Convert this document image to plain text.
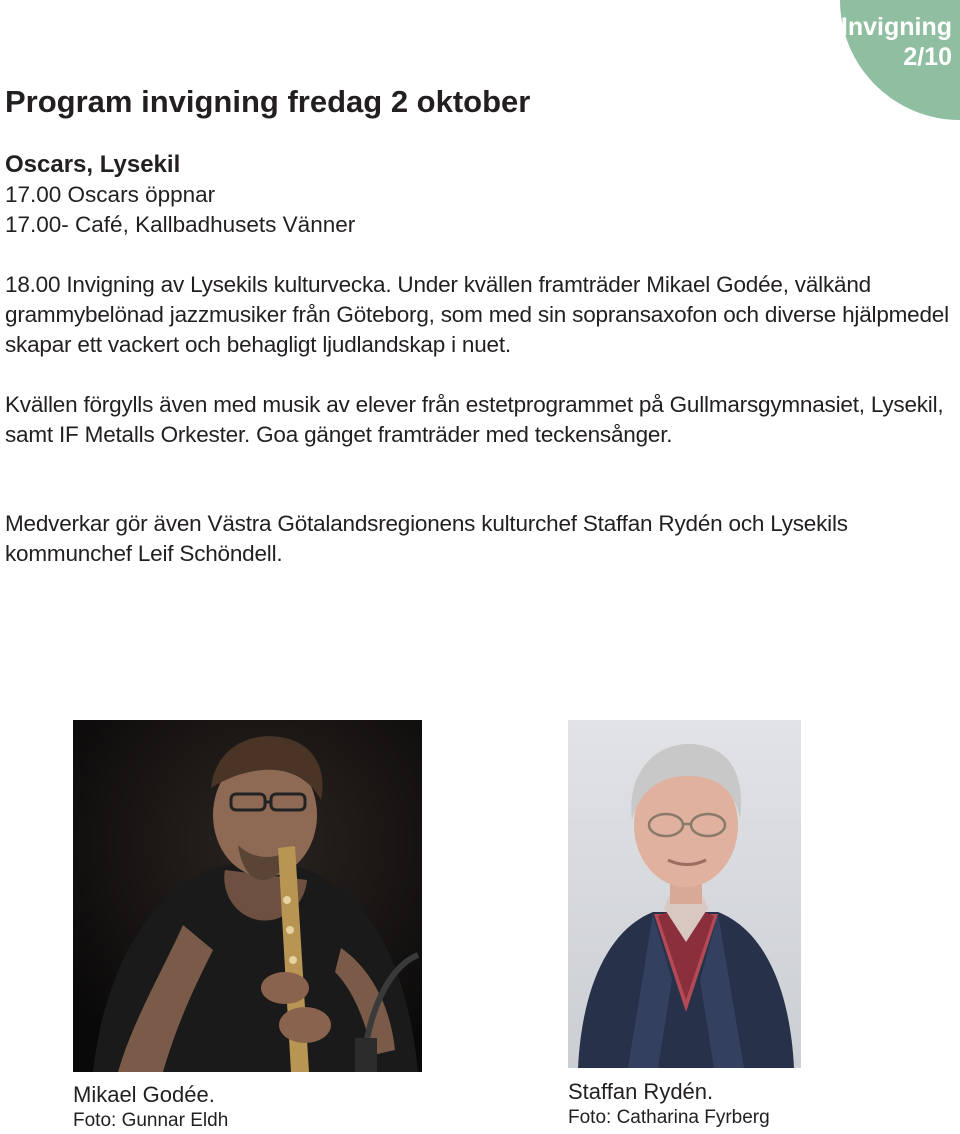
Invigning
2/10
Program invigning fredag 2 oktober
Oscars, Lysekil
17.00 Oscars öppnar
17.00- Café, Kallbadhusets Vänner

18.00 Invigning av Lysekils kulturvecka. Under kvällen framträder Mikael Godée, välkänd grammybelönad jazzmusiker från Göteborg, som med sin sopransaxofon och diverse hjälpmedel skapar ett vackert och behagligt ljudlandskap i nuet.

Kvällen förgylls även med musik av elever från estetprogrammet på Gullmarsgymnasiet, Lysekil, samt IF Metalls Orkester. Goa gänget framträder med teckensånger.

Medverkar gör även Västra Götalandsregionens kulturchef Staffan Rydén och Lysekils kommunchef Leif Schöndell.

Mikael Godée.
Foto: Gunnar Eldh
Staffan Rydén.
Foto: Catharina Fyrberg
